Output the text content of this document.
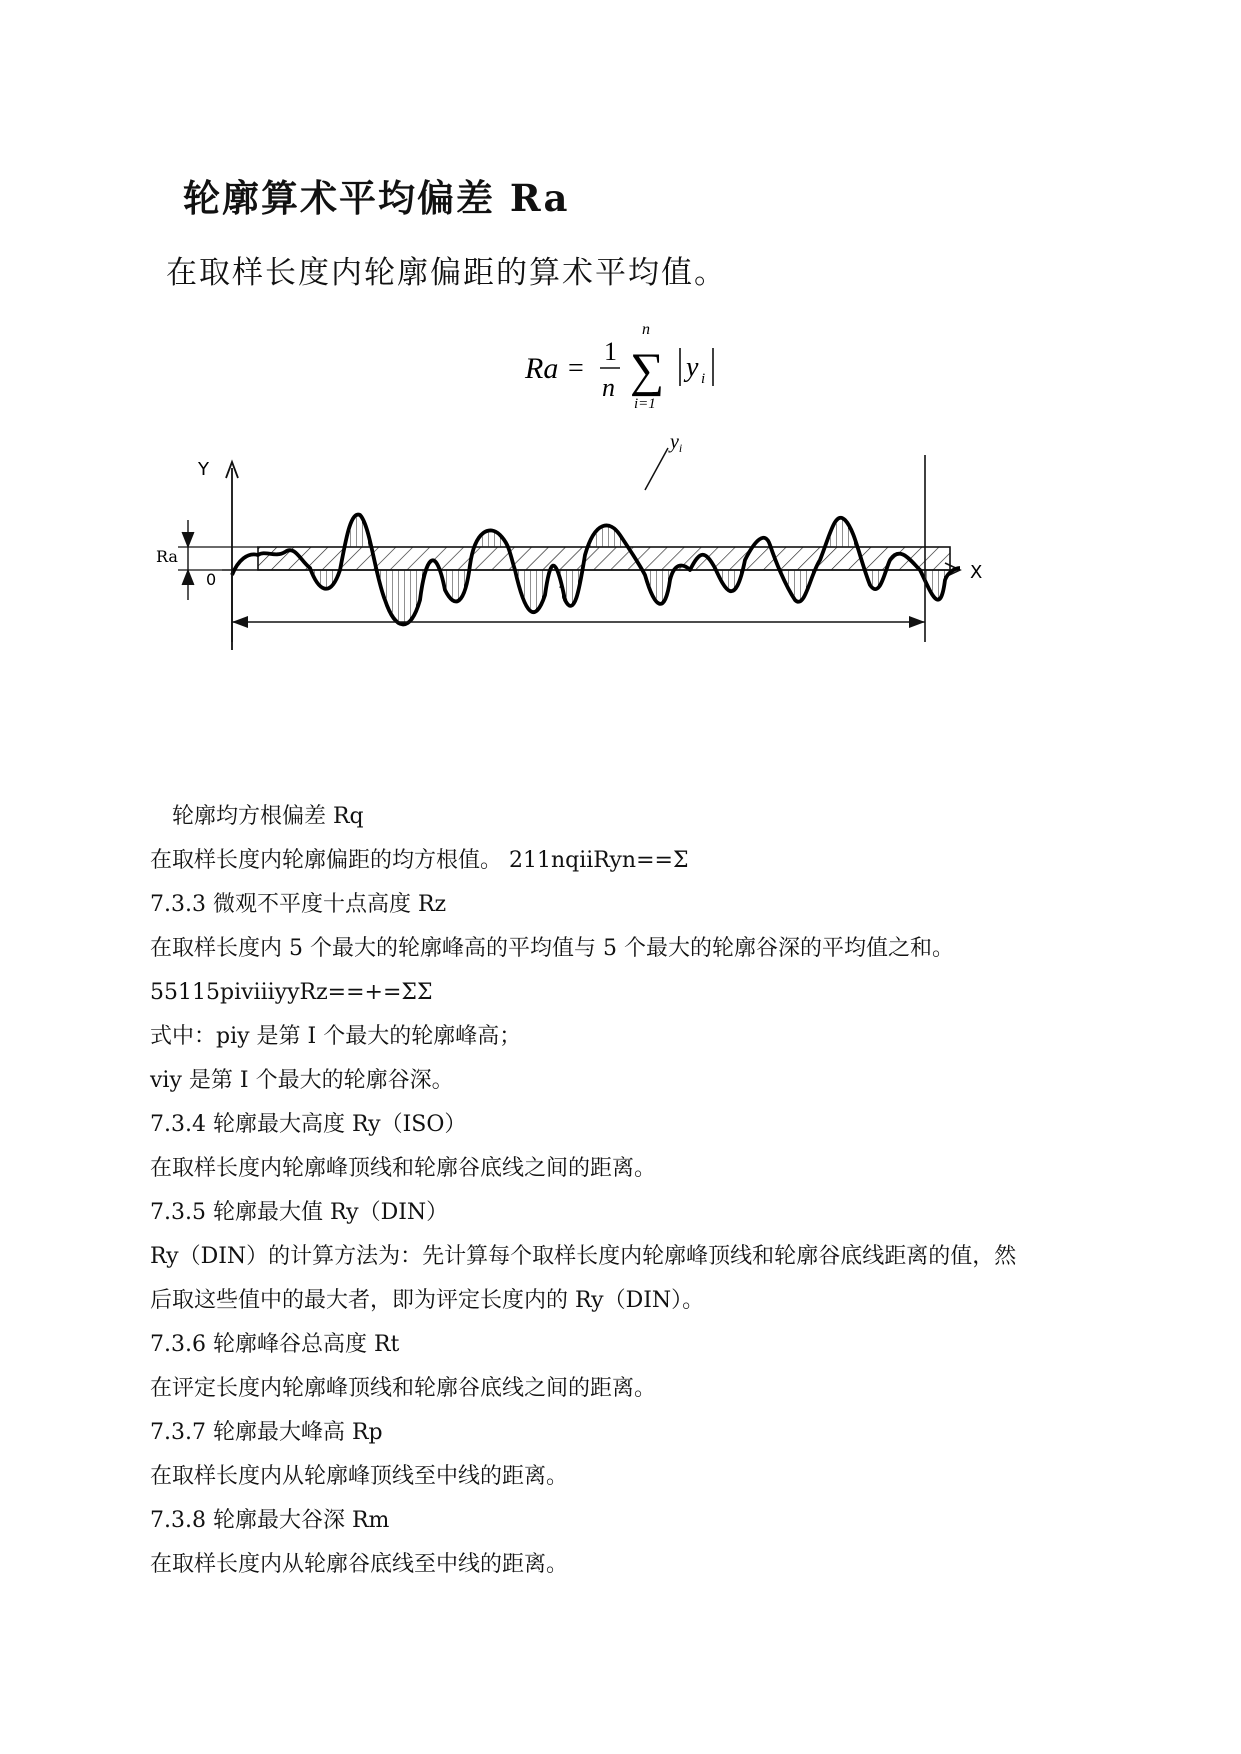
轮廓算术平均偏差 Ra
在取样长度内轮廓偏距的算术平均值。
Ra =
1
n
n
∑
i=1
y i
Y
X
0
Ra
$y_i$
l
轮廓均方根偏差 Rq
在取样长度内轮廓偏距的均方根值。 211nqiiRyn==Σ
7.3.3 微观不平度十点高度 Rz
在取样长度内 5 个最大的轮廓峰高的平均值与 5 个最大的轮廓谷深的平均值之和。
55115piviiiyyRz==+=ΣΣ
式中：piy 是第 I 个最大的轮廓峰高；
viy 是第 I 个最大的轮廓谷深。
7.3.4 轮廓最大高度 Ry（ISO）
在取样长度内轮廓峰顶线和轮廓谷底线之间的距离。
7.3.5 轮廓最大值 Ry（DIN）
Ry（DIN）的计算方法为：先计算每个取样长度内轮廓峰顶线和轮廓谷底线距离的值，然
后取这些值中的最大者，即为评定长度内的 Ry（DIN）。
7.3.6 轮廓峰谷总高度 Rt
在评定长度内轮廓峰顶线和轮廓谷底线之间的距离。
7.3.7 轮廓最大峰高 Rp
在取样长度内从轮廓峰顶线至中线的距离。
7.3.8 轮廓最大谷深 Rm
在取样长度内从轮廓谷底线至中线的距离。
